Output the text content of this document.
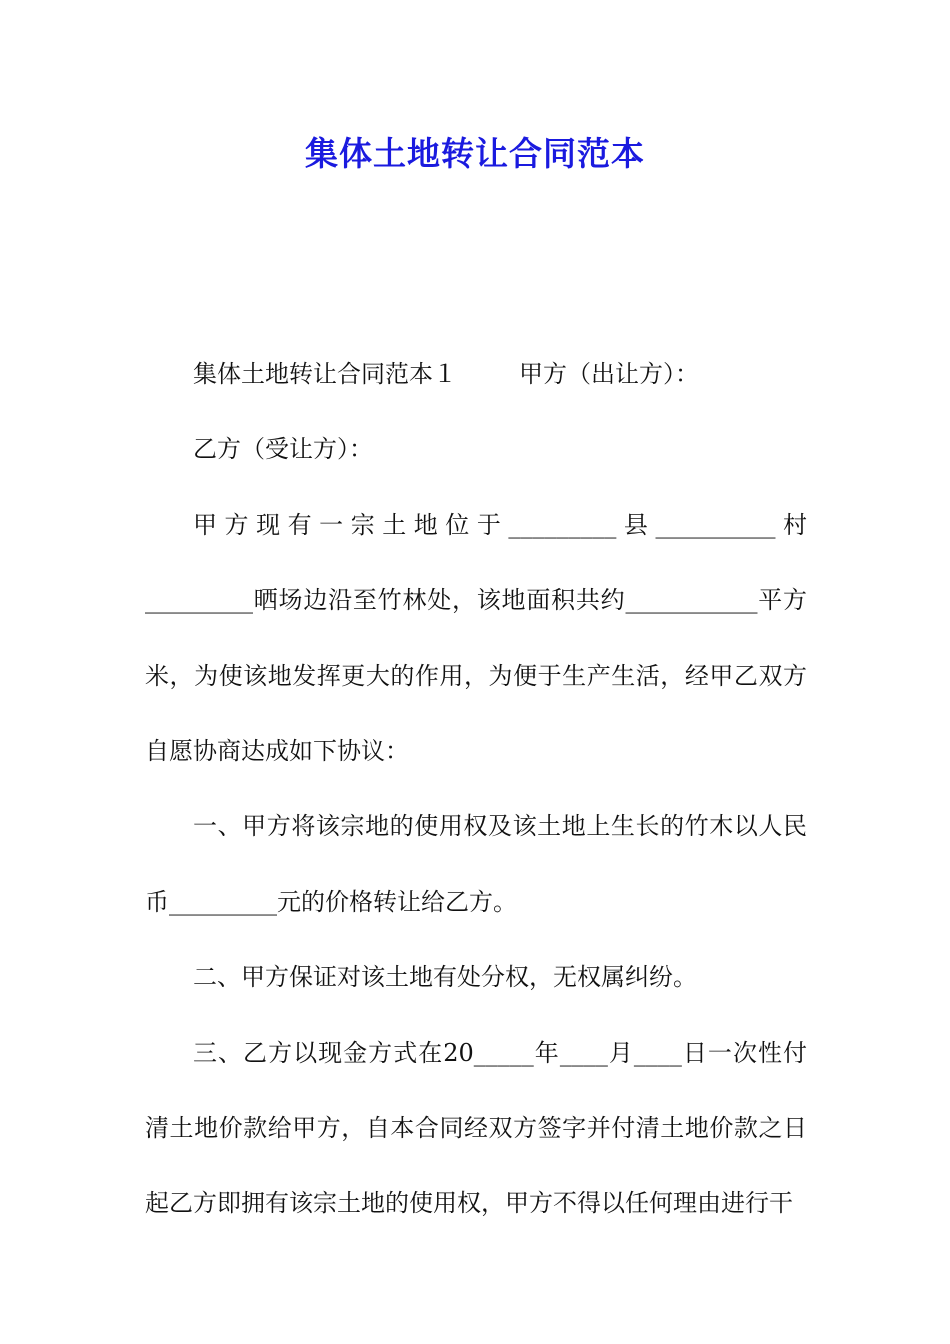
集体土地转让合同范本

集体土地转让合同范本１	甲方（出让方）：

乙方（受让方）：

甲方现有一宗土地位于_________县__________村_________晒场边沿至竹林处，该地面积共约___________平方米，为使该地发挥更大的作用，为便于生产生活，经甲乙双方自愿协商达成如下协议：

一、甲方将该宗地的使用权及该土地上生长的竹木以人民币_________元的价格转让给乙方。

二、甲方保证对该土地有处分权，无权属纠纷。

三、乙方以现金方式在20_____年____月____日一次性付清土地价款给甲方，自本合同经双方签字并付清土地价款之日起乙方即拥有该宗土地的使用权，甲方不得以任何理由进行干
